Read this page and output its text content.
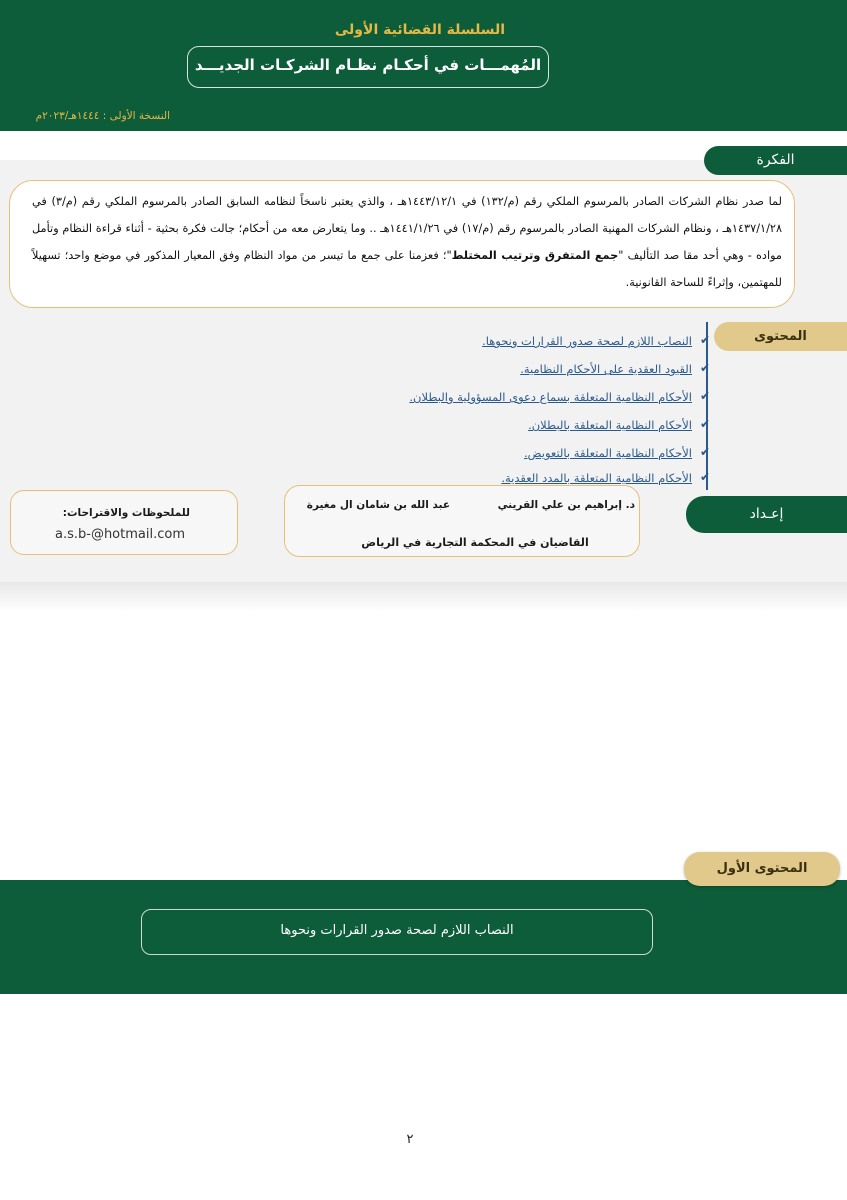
السلسلة القضائية الأولى
المُهمـــات في أحكـام نظـام الشركـات الجديـــد
النسخة الأولى : ١٤٤٤هـ/٢٠٢٣م
الفكرة
لما صدر نظام الشركات الصادر بالمرسوم الملكي رقم (م/١٣٢) في ١٤٤٣/١٢/١هـ ، والذي يعتبر ناسخاً لنظامه السابق الصادر بالمرسوم الملكي رقم (م/٣) في ١٤٣٧/١/٢٨هـ ، ونظام الشركات المهنية الصادر بالمرسوم رقم (م/١٧) في ١٤٤١/١/٢٦هـ .. وما يتعارض معه من أحكام؛ جالت فكرة بحثية - أثناء قراءة النظام وتأمل مواده - وهي أحد مقا صد التأليف "جمع المتفرق وترتيب المختلط"؛ فعزمنا على جمع ما تيسر من مواد النظام وفق المعيار المذكور في موضع واحد؛ تسهيلاً للمهتمين، وإثراءً للساحة القانونية.
المحتوى
✔
النصاب اللازم لصحة صدور القرارات ونحوها.
✔
القيود العقدية على الأحكام النظامية.
✔
الأحكام النظامية المتعلقة بسماع دعوى المسؤولية والبطلان.
✔
الأحكام النظامية المتعلقة بالبطلان.
✔
الأحكام النظامية المتعلقة بالتعويض.
✔
الأحكام النظامية المتعلقة بالمدد العقدية.
إعـداد
د. إبراهيم بن علي القريني
عبد الله بن شامان ال مغيرة
القاضيان في المحكمة التجارية في الرياض
للملحوظات والاقتراحات:
a.s.b-@hotmail.com
المحتوى الأول
النصاب اللازم لصحة صدور القرارات ونحوها
٢
